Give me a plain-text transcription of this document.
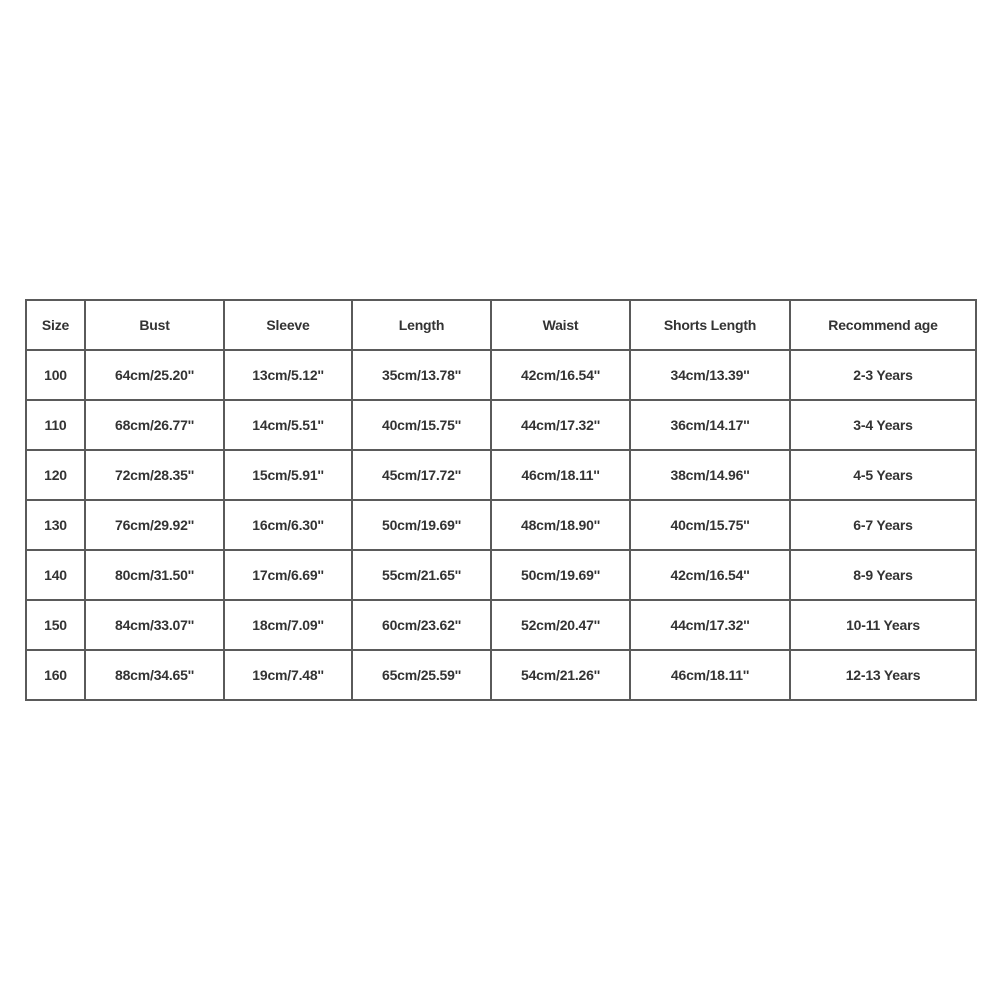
Size	Bust	Sleeve	Length	Waist	Shorts Length	Recommend age
100	64cm/25.20''	13cm/5.12''	35cm/13.78''	42cm/16.54''	34cm/13.39''	2-3 Years
110	68cm/26.77''	14cm/5.51''	40cm/15.75''	44cm/17.32''	36cm/14.17''	3-4 Years
120	72cm/28.35''	15cm/5.91''	45cm/17.72''	46cm/18.11''	38cm/14.96''	4-5 Years
130	76cm/29.92''	16cm/6.30''	50cm/19.69''	48cm/18.90''	40cm/15.75''	6-7 Years
140	80cm/31.50''	17cm/6.69''	55cm/21.65''	50cm/19.69''	42cm/16.54''	8-9 Years
150	84cm/33.07''	18cm/7.09''	60cm/23.62''	52cm/20.47''	44cm/17.32''	10-11 Years
160	88cm/34.65''	19cm/7.48''	65cm/25.59''	54cm/21.26''	46cm/18.11''	12-13 Years
